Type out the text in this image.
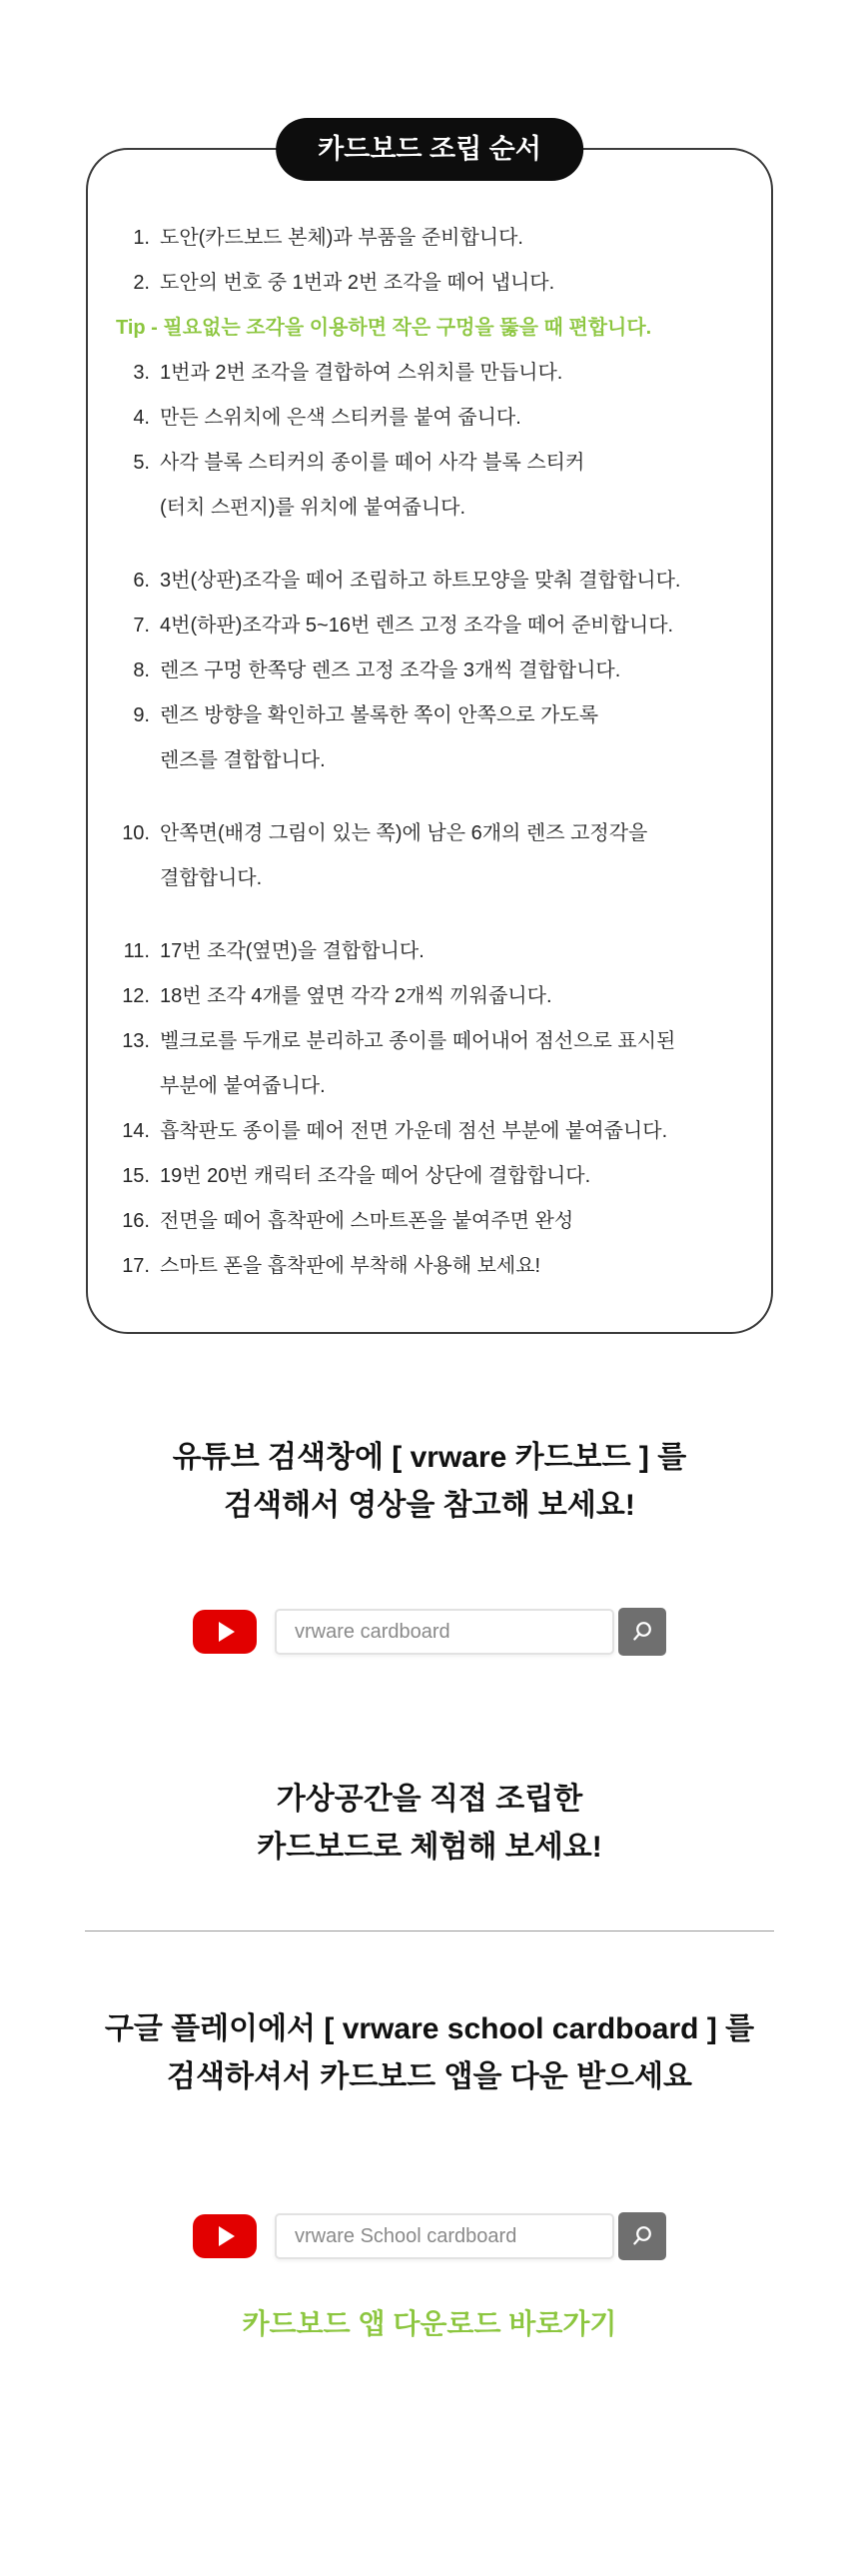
카드보드 조립 순서
1. 도안(카드보드 본체)과 부품을 준비합니다.
2. 도안의 번호 중 1번과 2번 조각을 떼어 냅니다.
Tip - 필요없는 조각을 이용하면 작은 구멍을 뚫을 때 편합니다.
3. 1번과 2번 조각을 결합하여 스위치를 만듭니다.
4. 만든 스위치에 은색 스티커를 붙여 줍니다.
5. 사각 블록 스티커의 종이를 떼어 사각 블록 스티커
(터치 스펀지)를 위치에 붙여줍니다.
6. 3번(상판)조각을 떼어 조립하고 하트모양을 맞춰 결합합니다.
7. 4번(하판)조각과 5~16번 렌즈 고정 조각을 떼어 준비합니다.
8. 렌즈 구멍 한쪽당 렌즈 고정 조각을 3개씩 결합합니다.
9. 렌즈 방향을 확인하고 볼록한 쪽이 안쪽으로 가도록
렌즈를 결합합니다.
10. 안쪽면(배경 그림이 있는 쪽)에 남은 6개의 렌즈 고정각을
결합합니다.
11. 17번 조각(옆면)을 결합합니다.
12. 18번 조각 4개를 옆면 각각 2개씩 끼워줍니다.
13. 벨크로를 두개로 분리하고 종이를 떼어내어 점선으로 표시된
부분에 붙여줍니다.
14. 흡착판도 종이를 떼어 전면 가운데 점선 부분에 붙여줍니다.
15. 19번 20번 캐릭터 조각을 떼어 상단에 결합합니다.
16. 전면을 떼어 흡착판에 스마트폰을 붙여주면 완성
17. 스마트 폰을 흡착판에 부착해 사용해 보세요!
유튜브 검색창에 [ vrware 카드보드 ] 를
검색해서 영상을 참고해 보세요!
vrware cardboard
가상공간을 직접 조립한
카드보드로 체험해 보세요!
구글 플레이에서 [ vrware school cardboard ] 를
검색하셔서 카드보드 앱을 다운 받으세요
vrware School cardboard
카드보드 앱 다운로드 바로가기
